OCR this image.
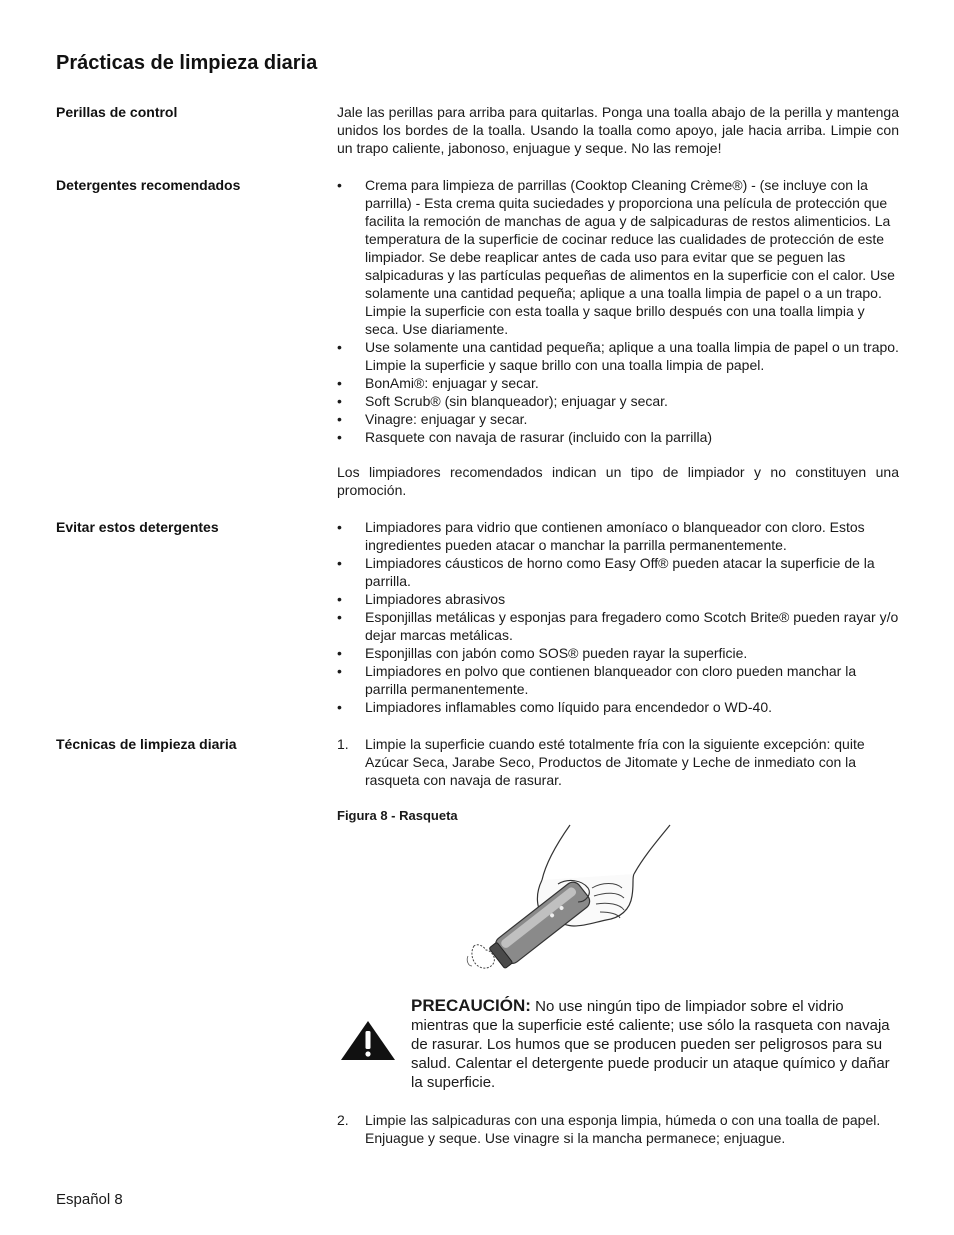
Prácticas de limpieza diaria
Perillas de control	Jale las perillas para arriba para quitarlas. Ponga una toalla abajo de la perilla y mantenga unidos los bordes de la toalla. Usando la toalla como apoyo, jale hacia arriba. Limpie con un trapo caliente, jabonoso, enjuague y seque. No las remoje!
Detergentes recomendados	• Crema para limpieza de parrillas (Cooktop Cleaning Crème®) - (se incluye con la parrilla) - Esta crema quita suciedades y proporciona una película de protección que facilita la remoción de manchas de agua y de salpicaduras de restos alimenticios. La temperatura de la superficie de cocinar reduce las cualidades de protección de este limpiador. Se debe reaplicar antes de cada uso para evitar que se peguen las salpicaduras y las partículas pequeñas de alimentos en la superficie con el calor. Use solamente una cantidad pequeña; aplique a una toalla limpia de papel o a un trapo. Limpie la superficie con esta toalla y saque brillo después con una toalla limpia y seca. Use diariamente.
• Use solamente una cantidad pequeña; aplique a una toalla limpia de papel o un trapo. Limpie la superficie y saque brillo con una toalla limpia de papel.
• BonAmi®: enjuagar y secar.
• Soft Scrub® (sin blanqueador); enjuagar y secar.
• Vinagre: enjuagar y secar.
• Rasquete con navaja de rasurar (incluido con la parrilla)
Los limpiadores recomendados indican un tipo de limpiador y no constituyen una promoción.
Evitar estos detergentes	• Limpiadores para vidrio que contienen amoníaco o blanqueador con cloro. Estos ingredientes pueden atacar o manchar la parrilla permanentemente.
• Limpiadores cáusticos de horno como Easy Off® pueden atacar la superficie de la parrilla.
• Limpiadores abrasivos
• Esponjillas metálicas y esponjas para fregadero como Scotch Brite® pueden rayar y/o dejar marcas metálicas.
• Esponjillas con jabón como SOS® pueden rayar la superficie.
• Limpiadores en polvo que contienen blanqueador con cloro pueden manchar la parrilla permanentemente.
• Limpiadores inflamables como líquido para encendedor o WD-40.
Técnicas de limpieza diaria	1. Limpie la superficie cuando esté totalmente fría con la siguiente excepción: quite Azúcar Seca, Jarabe Seco, Productos de Jitomate y Leche de inmediato con la rasqueta con navaja de rasurar.
Figura 8 - Rasqueta
PRECAUCIÓN: No use ningún tipo de limpiador sobre el vidrio mientras que la superficie esté caliente; use sólo la rasqueta con navaja de rasurar. Los humos que se producen pueden ser peligrosos para su salud. Calentar el detergente puede producir un ataque químico y dañar la superficie.
2. Limpie las salpicaduras con una esponja limpia, húmeda o con una toalla de papel. Enjuague y seque. Use vinagre si la mancha permanece; enjuague.
Español 8
